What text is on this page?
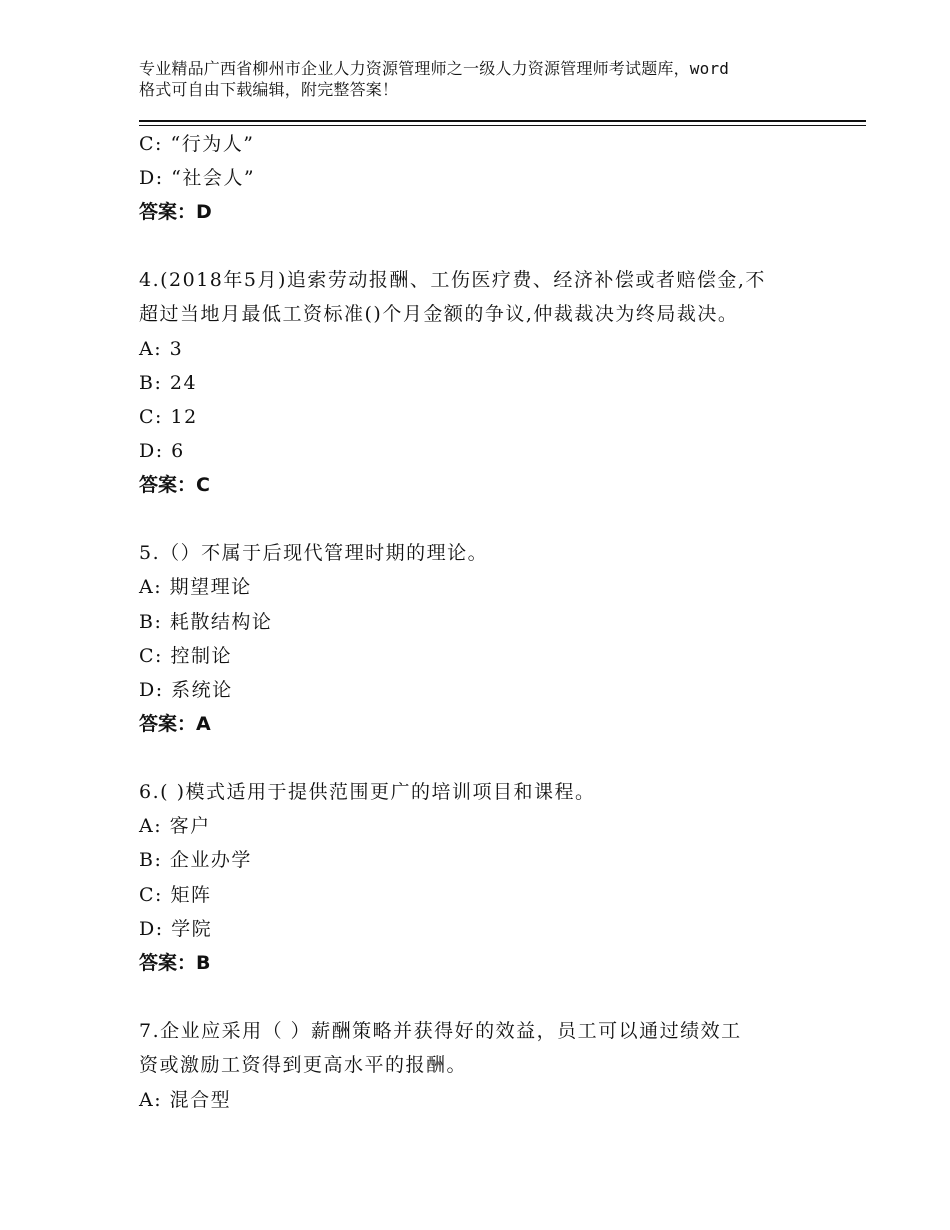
专业精品广西省柳州市企业人力资源管理师之一级人力资源管理师考试题库，word
格式可自由下载编辑，附完整答案！
C: “行为人”
D: “社会人”
答案：D
4.(2018年5月)追索劳动报酬、工伤医疗费、经济补偿或者赔偿金,不
超过当地月最低工资标准()个月金额的争议,仲裁裁决为终局裁决。
A: 3
B: 24
C: 12
D: 6
答案：C
5.（）不属于后现代管理时期的理论。
A: 期望理论
B: 耗散结构论
C: 控制论
D: 系统论
答案：A
6.( )模式适用于提供范围更广的培训项目和课程。
A: 客户
B: 企业办学
C: 矩阵
D: 学院
答案：B
7.企业应采用（ ）薪酬策略并获得好的效益，员工可以通过绩效工
资或激励工资得到更高水平的报酬。
A: 混合型
